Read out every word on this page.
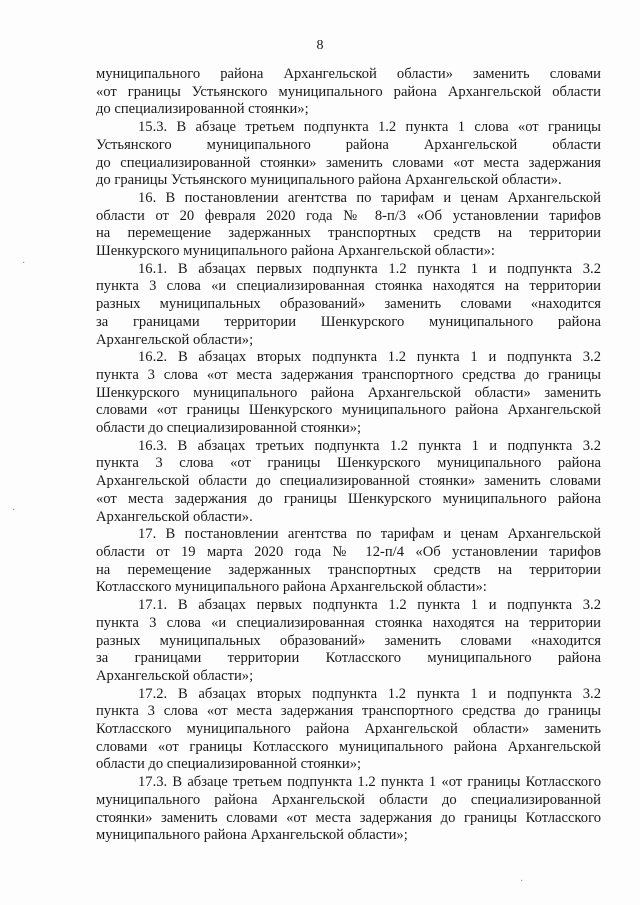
8
муниципального района Архангельской области» заменить словами
«от границы Устьянского муниципального района Архангельской области
до специализированной стоянки»;
15.3. В абзаце третьем подпункта 1.2 пункта 1 слова «от границы
Устьянского муниципального района Архангельской области
до специализированной стоянки» заменить словами «от места задержания
до границы Устьянского муниципального района Архангельской области».
16. В постановлении агентства по тарифам и ценам Архангельской
области от 20 февраля 2020 года № 8-п/3 «Об установлении тарифов
на перемещение задержанных транспортных средств на территории
Шенкурского муниципального района Архангельской области»:
16.1. В абзацах первых подпункта 1.2 пункта 1 и подпункта 3.2
пункта 3 слова «и специализированная стоянка находятся на территории
разных муниципальных образований» заменить словами «находится
за границами территории Шенкурского муниципального района
Архангельской области»;
16.2. В абзацах вторых подпункта 1.2 пункта 1 и подпункта 3.2
пункта 3 слова «от места задержания транспортного средства до границы
Шенкурского муниципального района Архангельской области» заменить
словами «от границы Шенкурского муниципального района Архангельской
области до специализированной стоянки»;
16.3. В абзацах третьих подпункта 1.2 пункта 1 и подпункта 3.2
пункта 3 слова «от границы Шенкурского муниципального района
Архангельской области до специализированной стоянки» заменить словами
«от места задержания до границы Шенкурского муниципального района
Архангельской области».
17. В постановлении агентства по тарифам и ценам Архангельской
области от 19 марта 2020 года № 12-п/4 «Об установлении тарифов
на перемещение задержанных транспортных средств на территории
Котласского муниципального района Архангельской области»:
17.1. В абзацах первых подпункта 1.2 пункта 1 и подпункта 3.2
пункта 3 слова «и специализированная стоянка находятся на территории
разных муниципальных образований» заменить словами «находится
за границами территории Котласского муниципального района
Архангельской области»;
17.2. В абзацах вторых подпункта 1.2 пункта 1 и подпункта 3.2
пункта 3 слова «от места задержания транспортного средства до границы
Котласского муниципального района Архангельской области» заменить
словами «от границы Котласского муниципального района Архангельской
области до специализированной стоянки»;
17.3. В абзаце третьем подпункта 1.2 пункта 1 «от границы Котласского
муниципального района Архангельской области до специализированной
стоянки» заменить словами «от места задержания до границы Котласского
муниципального района Архангельской области»;
·
·
·
